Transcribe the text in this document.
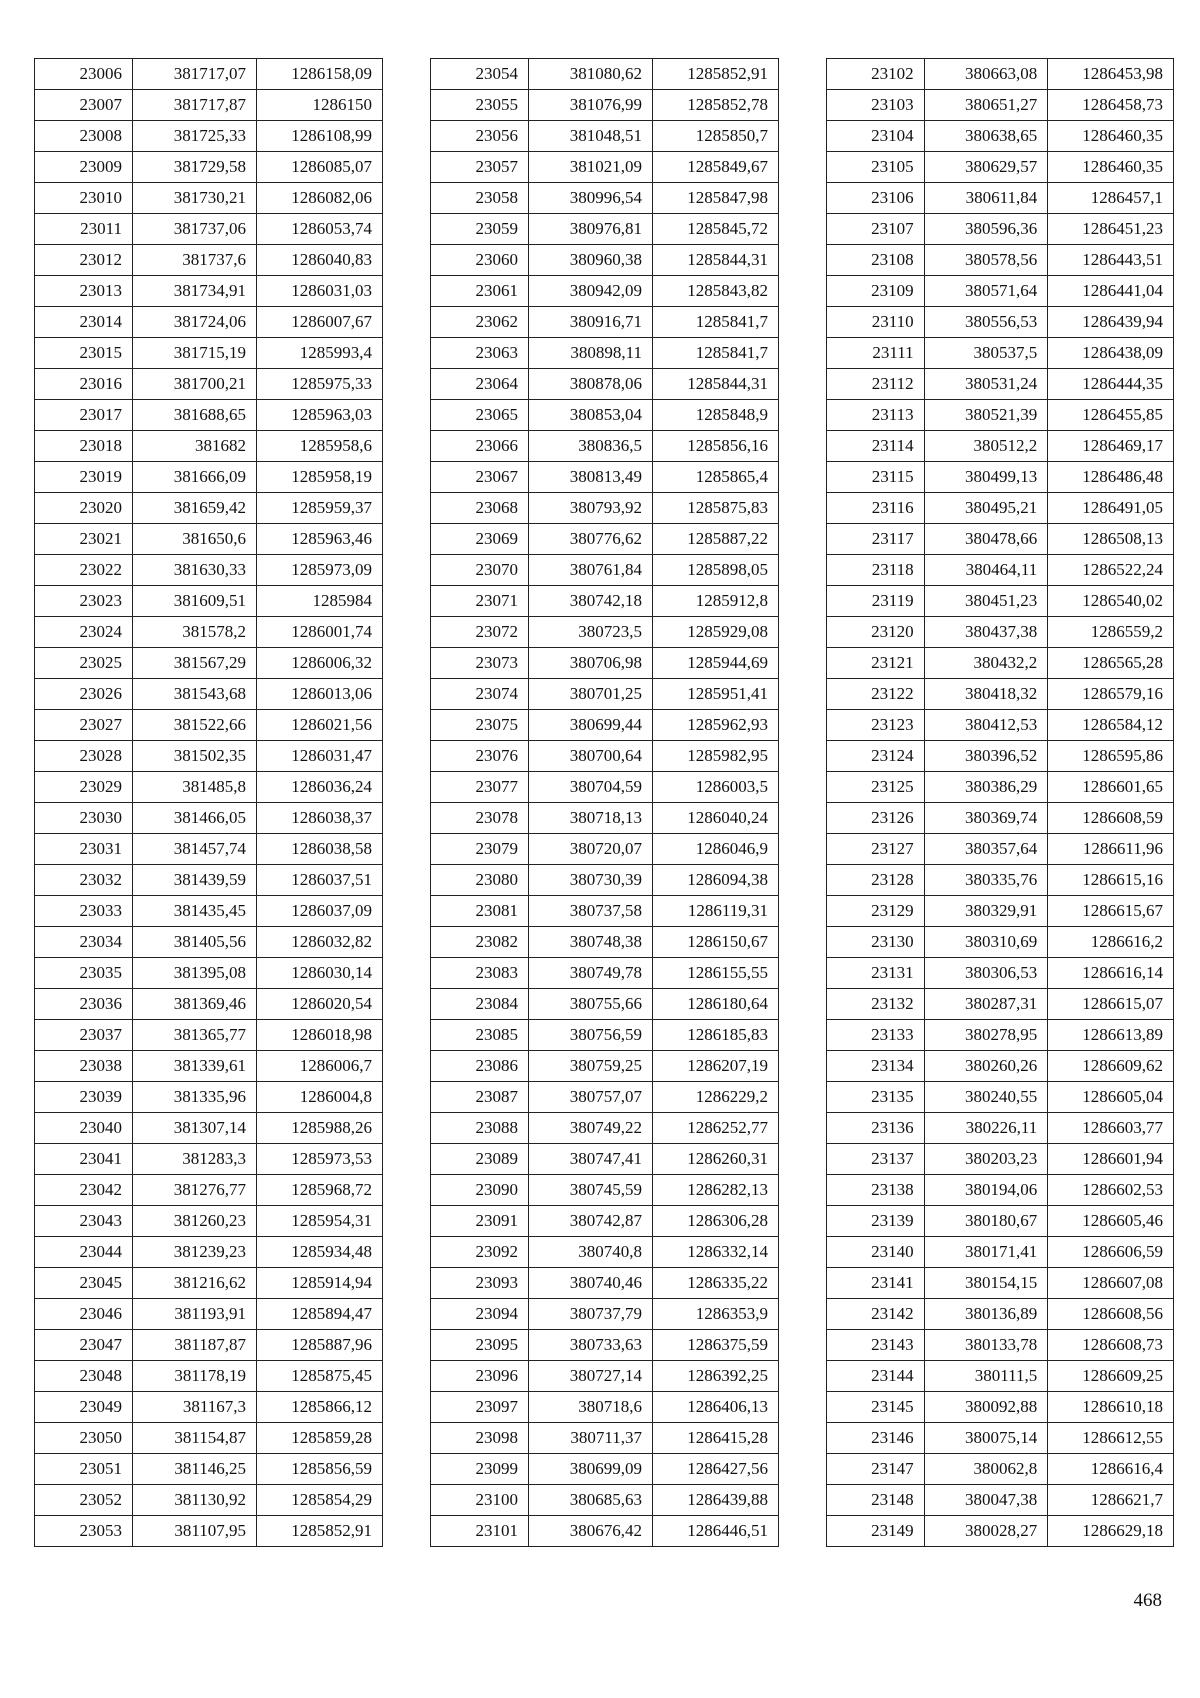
23006	381717,07	1286158,09
23007	381717,87	1286150
23008	381725,33	1286108,99
23009	381729,58	1286085,07
23010	381730,21	1286082,06
23011	381737,06	1286053,74
23012	381737,6	1286040,83
23013	381734,91	1286031,03
23014	381724,06	1286007,67
23015	381715,19	1285993,4
23016	381700,21	1285975,33
23017	381688,65	1285963,03
23018	381682	1285958,6
23019	381666,09	1285958,19
23020	381659,42	1285959,37
23021	381650,6	1285963,46
23022	381630,33	1285973,09
23023	381609,51	1285984
23024	381578,2	1286001,74
23025	381567,29	1286006,32
23026	381543,68	1286013,06
23027	381522,66	1286021,56
23028	381502,35	1286031,47
23029	381485,8	1286036,24
23030	381466,05	1286038,37
23031	381457,74	1286038,58
23032	381439,59	1286037,51
23033	381435,45	1286037,09
23034	381405,56	1286032,82
23035	381395,08	1286030,14
23036	381369,46	1286020,54
23037	381365,77	1286018,98
23038	381339,61	1286006,7
23039	381335,96	1286004,8
23040	381307,14	1285988,26
23041	381283,3	1285973,53
23042	381276,77	1285968,72
23043	381260,23	1285954,31
23044	381239,23	1285934,48
23045	381216,62	1285914,94
23046	381193,91	1285894,47
23047	381187,87	1285887,96
23048	381178,19	1285875,45
23049	381167,3	1285866,12
23050	381154,87	1285859,28
23051	381146,25	1285856,59
23052	381130,92	1285854,29
23053	381107,95	1285852,91
23054	381080,62	1285852,91
23055	381076,99	1285852,78
23056	381048,51	1285850,7
23057	381021,09	1285849,67
23058	380996,54	1285847,98
23059	380976,81	1285845,72
23060	380960,38	1285844,31
23061	380942,09	1285843,82
23062	380916,71	1285841,7
23063	380898,11	1285841,7
23064	380878,06	1285844,31
23065	380853,04	1285848,9
23066	380836,5	1285856,16
23067	380813,49	1285865,4
23068	380793,92	1285875,83
23069	380776,62	1285887,22
23070	380761,84	1285898,05
23071	380742,18	1285912,8
23072	380723,5	1285929,08
23073	380706,98	1285944,69
23074	380701,25	1285951,41
23075	380699,44	1285962,93
23076	380700,64	1285982,95
23077	380704,59	1286003,5
23078	380718,13	1286040,24
23079	380720,07	1286046,9
23080	380730,39	1286094,38
23081	380737,58	1286119,31
23082	380748,38	1286150,67
23083	380749,78	1286155,55
23084	380755,66	1286180,64
23085	380756,59	1286185,83
23086	380759,25	1286207,19
23087	380757,07	1286229,2
23088	380749,22	1286252,77
23089	380747,41	1286260,31
23090	380745,59	1286282,13
23091	380742,87	1286306,28
23092	380740,8	1286332,14
23093	380740,46	1286335,22
23094	380737,79	1286353,9
23095	380733,63	1286375,59
23096	380727,14	1286392,25
23097	380718,6	1286406,13
23098	380711,37	1286415,28
23099	380699,09	1286427,56
23100	380685,63	1286439,88
23101	380676,42	1286446,51
23102	380663,08	1286453,98
23103	380651,27	1286458,73
23104	380638,65	1286460,35
23105	380629,57	1286460,35
23106	380611,84	1286457,1
23107	380596,36	1286451,23
23108	380578,56	1286443,51
23109	380571,64	1286441,04
23110	380556,53	1286439,94
23111	380537,5	1286438,09
23112	380531,24	1286444,35
23113	380521,39	1286455,85
23114	380512,2	1286469,17
23115	380499,13	1286486,48
23116	380495,21	1286491,05
23117	380478,66	1286508,13
23118	380464,11	1286522,24
23119	380451,23	1286540,02
23120	380437,38	1286559,2
23121	380432,2	1286565,28
23122	380418,32	1286579,16
23123	380412,53	1286584,12
23124	380396,52	1286595,86
23125	380386,29	1286601,65
23126	380369,74	1286608,59
23127	380357,64	1286611,96
23128	380335,76	1286615,16
23129	380329,91	1286615,67
23130	380310,69	1286616,2
23131	380306,53	1286616,14
23132	380287,31	1286615,07
23133	380278,95	1286613,89
23134	380260,26	1286609,62
23135	380240,55	1286605,04
23136	380226,11	1286603,77
23137	380203,23	1286601,94
23138	380194,06	1286602,53
23139	380180,67	1286605,46
23140	380171,41	1286606,59
23141	380154,15	1286607,08
23142	380136,89	1286608,56
23143	380133,78	1286608,73
23144	380111,5	1286609,25
23145	380092,88	1286610,18
23146	380075,14	1286612,55
23147	380062,8	1286616,4
23148	380047,38	1286621,7
23149	380028,27	1286629,18
468
